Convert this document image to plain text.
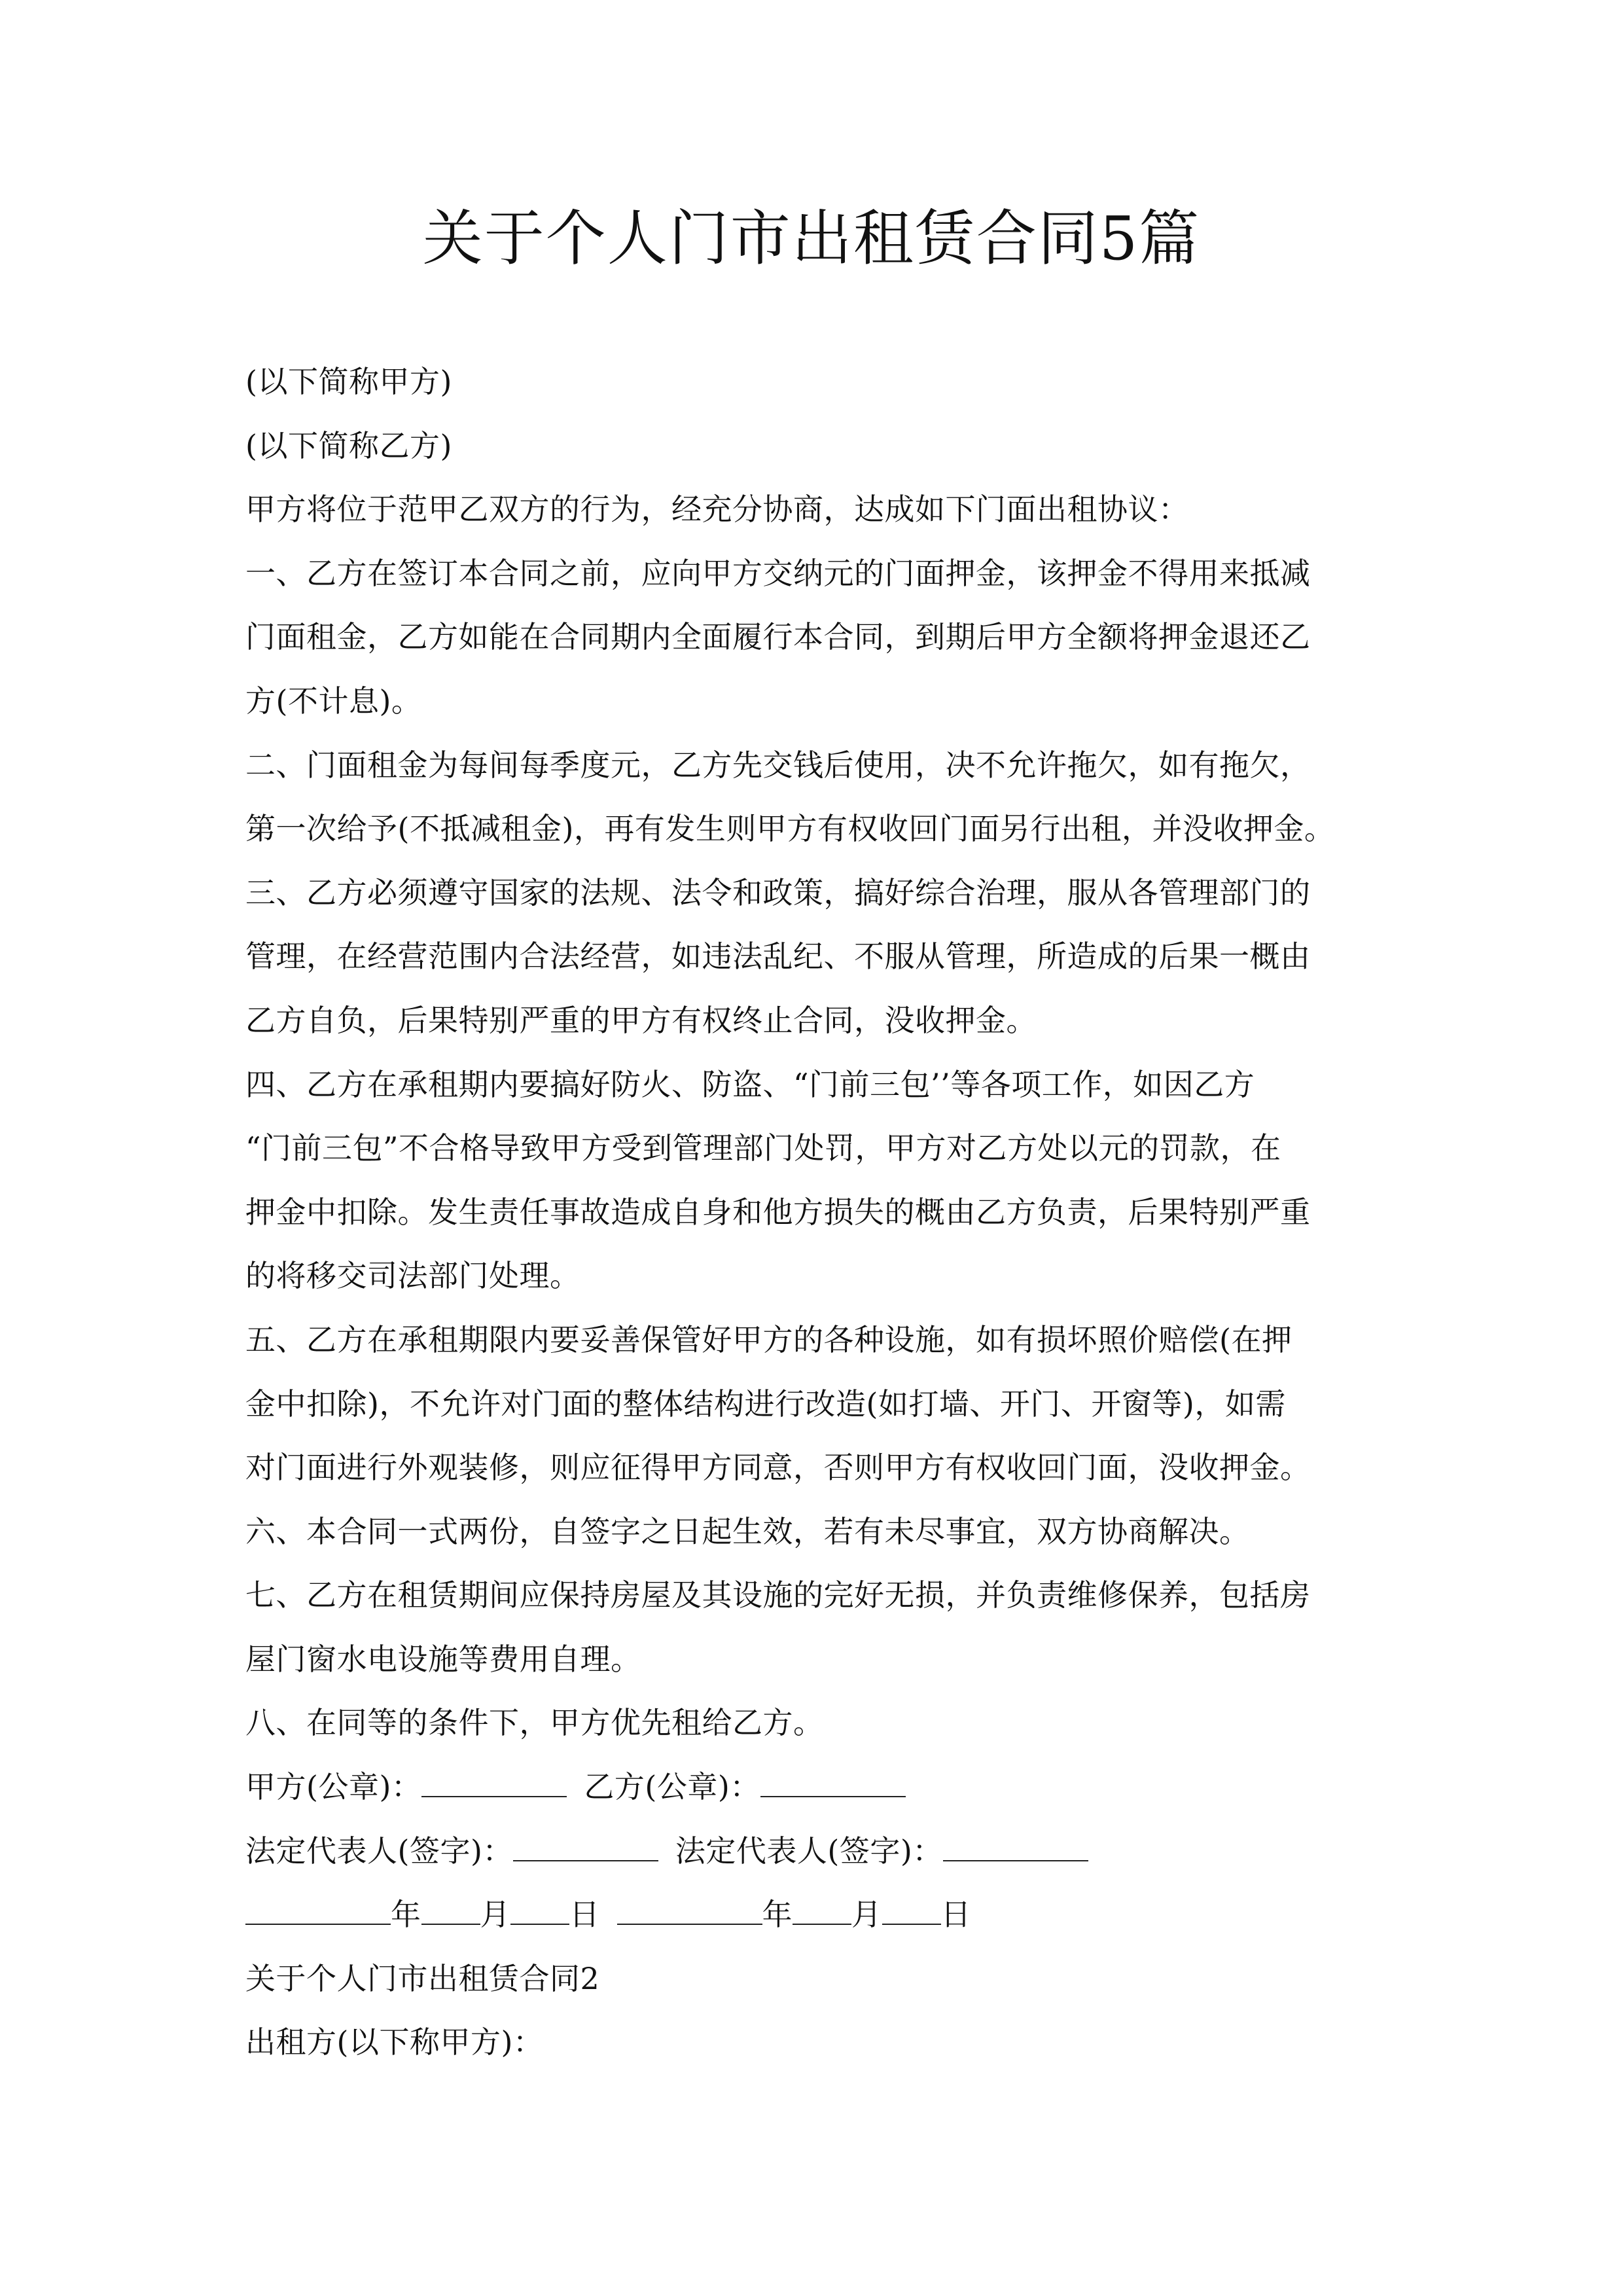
关于个人门市出租赁合同5篇
(以下简称甲方)
(以下简称乙方)
甲方将位于范甲乙双方的行为，经充分协商，达成如下门面出租协议：
一、乙方在签订本合同之前，应向甲方交纳元的门面押金，该押金不得用来抵减
门面租金，乙方如能在合同期内全面履行本合同，到期后甲方全额将押金退还乙
方(不计息)。
二、门面租金为每间每季度元，乙方先交钱后使用，决不允许拖欠，如有拖欠，
第一次给予(不抵减租金)，再有发生则甲方有权收回门面另行出租，并没收押金。
三、乙方必须遵守国家的法规、法令和政策，搞好综合治理，服从各管理部门的
管理，在经营范围内合法经营，如违法乱纪、不服从管理，所造成的后果一概由
乙方自负，后果特别严重的甲方有权终止合同，没收押金。
四、乙方在承租期内要搞好防火、防盗、“门前三包’’等各项工作，如因乙方
“门前三包”不合格导致甲方受到管理部门处罚，甲方对乙方处以元的罚款，在
押金中扣除。发生责任事故造成自身和他方损失的概由乙方负责，后果特别严重
的将移交司法部门处理。
五、乙方在承租期限内要妥善保管好甲方的各种设施，如有损坏照价赔偿(在押
金中扣除)，不允许对门面的整体结构进行改造(如打墙、开门、开窗等)，如需
对门面进行外观装修，则应征得甲方同意，否则甲方有权收回门面，没收押金。
六、本合同一式两份，自签字之日起生效，若有未尽事宜，双方协商解决。
七、乙方在租赁期间应保持房屋及其设施的完好无损，并负责维修保养，包括房
屋门窗水电设施等费用自理。
八、在同等的条件下，甲方优先租给乙方。
甲方(公章)：	乙方(公章)：
法定代表人(签字)：	法定代表人(签字)：
年 月 日	年 月 日
关于个人门市出租赁合同2
出租方(以下称甲方)：
